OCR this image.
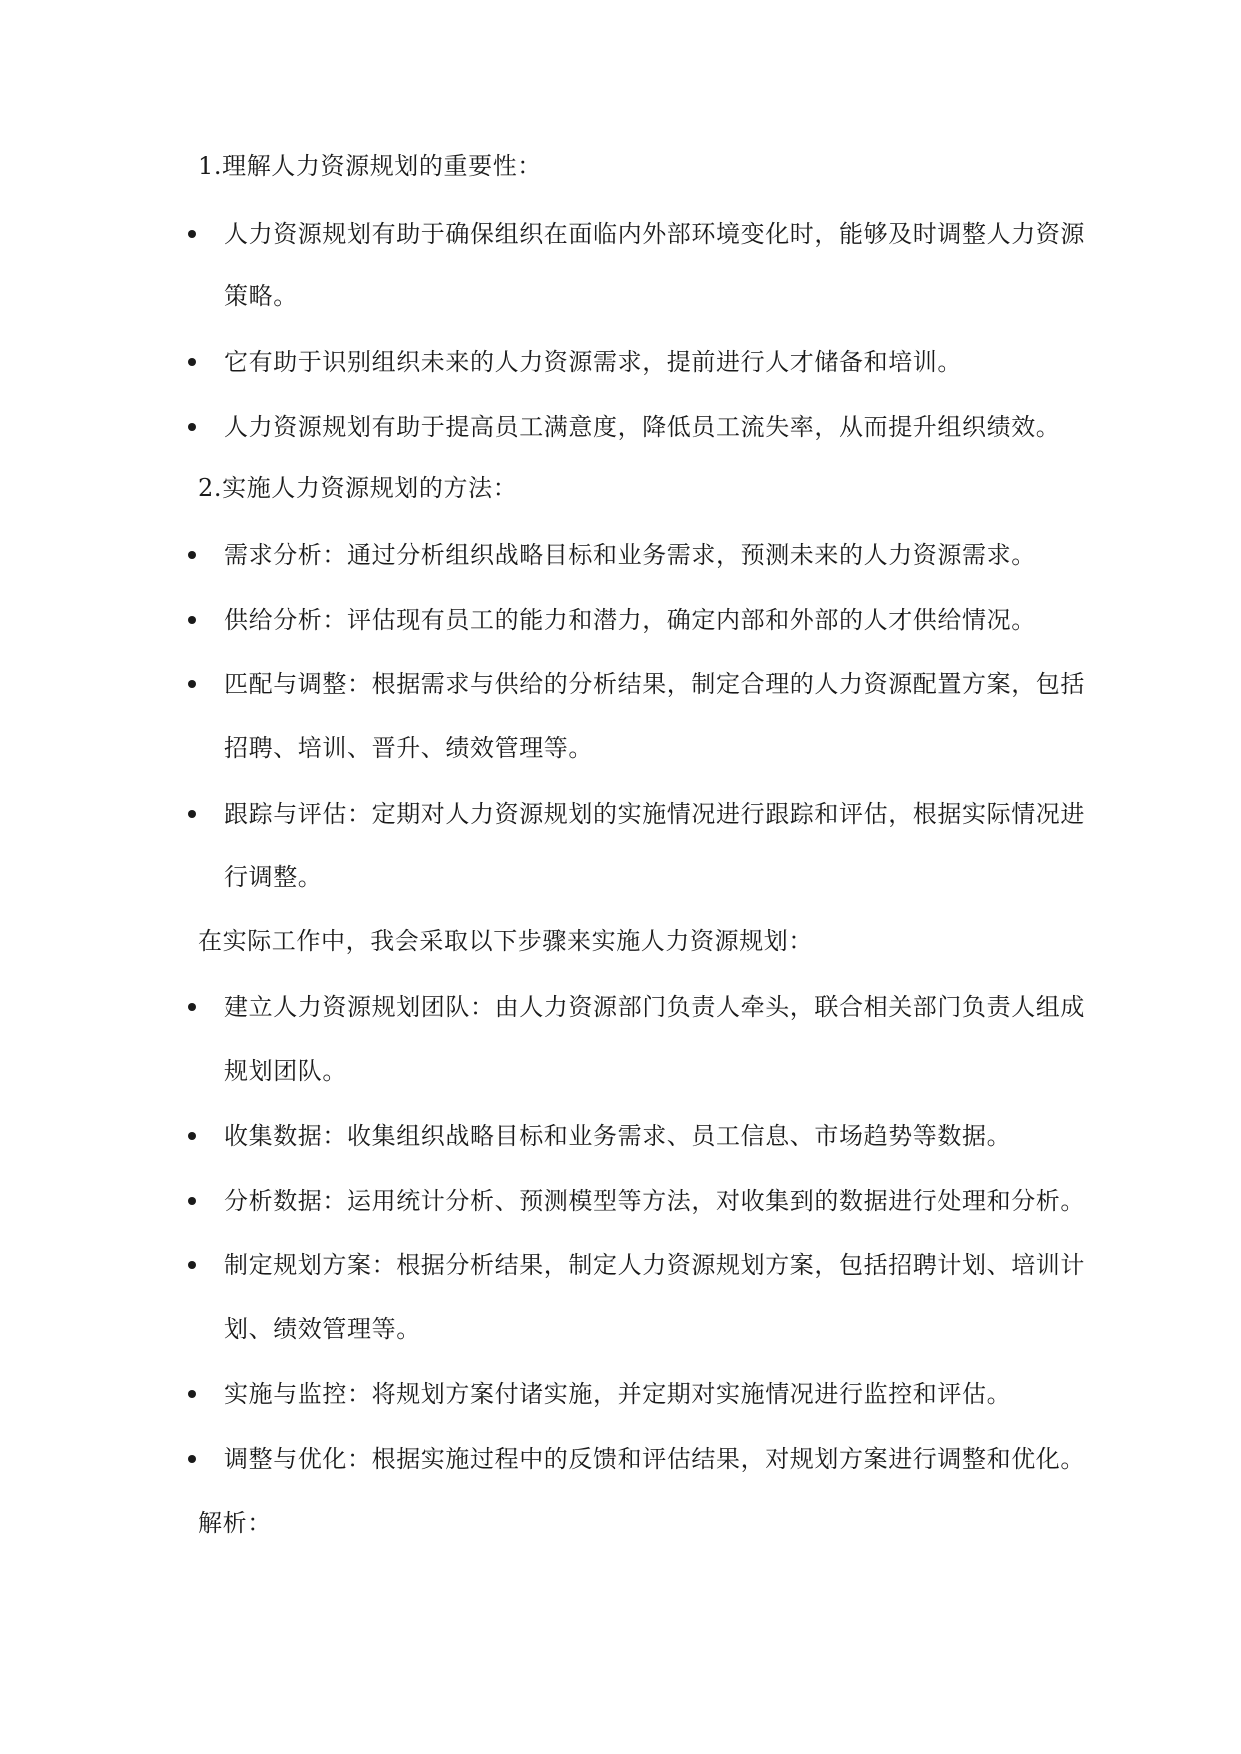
1.理解人力资源规划的重要性：
人力资源规划有助于确保组织在面临内外部环境变化时，能够及时调整人力资源
策略。
它有助于识别组织未来的人力资源需求，提前进行人才储备和培训。
人力资源规划有助于提高员工满意度，降低员工流失率，从而提升组织绩效。
2.实施人力资源规划的方法：
需求分析：通过分析组织战略目标和业务需求，预测未来的人力资源需求。
供给分析：评估现有员工的能力和潜力，确定内部和外部的人才供给情况。
匹配与调整：根据需求与供给的分析结果，制定合理的人力资源配置方案，包括
招聘、培训、晋升、绩效管理等。
跟踪与评估：定期对人力资源规划的实施情况进行跟踪和评估，根据实际情况进
行调整。
在实际工作中，我会采取以下步骤来实施人力资源规划：
建立人力资源规划团队：由人力资源部门负责人牵头，联合相关部门负责人组成
规划团队。
收集数据：收集组织战略目标和业务需求、员工信息、市场趋势等数据。
分析数据：运用统计分析、预测模型等方法，对收集到的数据进行处理和分析。
制定规划方案：根据分析结果，制定人力资源规划方案，包括招聘计划、培训计
划、绩效管理等。
实施与监控：将规划方案付诸实施，并定期对实施情况进行监控和评估。
调整与优化：根据实施过程中的反馈和评估结果，对规划方案进行调整和优化。
解析：
